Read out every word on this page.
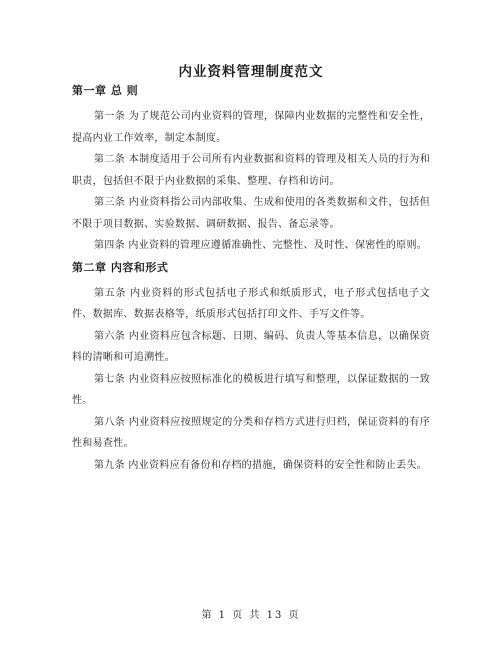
内业资料管理制度范文
第一章 总 则

第一条 为了规范公司内业资料的管理，保障内业数据的完整性和安全性，提高内业工作效率，制定本制度。

第二条 本制度适用于公司所有内业数据和资料的管理及相关人员的行为和职责，包括但不限于内业数据的采集、整理、存档和访问。

第三条 内业资料指公司内部收集、生成和使用的各类数据和文件，包括但不限于项目数据、实验数据、调研数据、报告、备忘录等。

第四条 内业资料的管理应遵循准确性、完整性、及时性、保密性的原则。

第二章 内容和形式

第五条 内业资料的形式包括电子形式和纸质形式，电子形式包括电子文件、数据库、数据表格等，纸质形式包括打印文件、手写文件等。

第六条 内业资料应包含标题、日期、编码、负责人等基本信息，以确保资料的清晰和可追溯性。

第七条 内业资料应按照标准化的模板进行填写和整理，以保证数据的一致性。

第八条 内业资料应按照规定的分类和存档方式进行归档，保证资料的有序性和易查性。

第九条 内业资料应有备份和存档的措施，确保资料的安全性和防止丢失。

第 1 页 共 13 页
